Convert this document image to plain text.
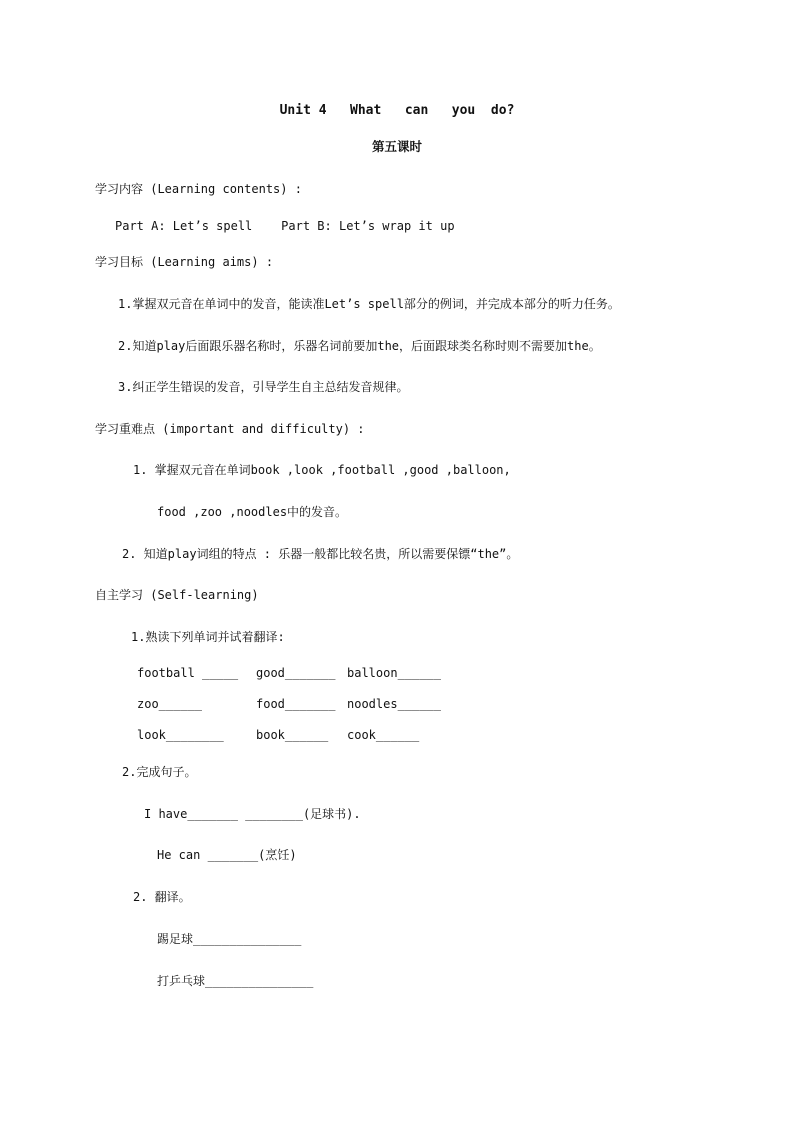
Unit 4   What   can   you  do?
第五课时
学习内容 (Learning contents) :
Part A: Let’s spell    Part B: Let’s wrap it up
学习目标 (Learning aims) :
1.掌握双元音在单词中的发音，能读准Let’s spell部分的例词，并完成本部分的听力任务。
2.知道play后面跟乐器名称时，乐器名词前要加the，后面跟球类名称时则不需要加the。
3.纠正学生错误的发音，引导学生自主总结发音规律。
学习重难点 (important and difficulty) :
1. 掌握双元音在单词book ,look ,football ,good ,balloon,
food ,zoo ,noodles中的发音。
2. 知道play词组的特点 : 乐器一般都比较名贵，所以需要保镖“the”。
自主学习 (Self-learning)
1.熟读下列单词并试着翻译:
football _____ good_______ balloon______
zoo______	food_______ noodles______
look________	book______ cook______
2.完成句子。
I have_______ ________(足球书).
He can _______(烹饪)
2. 翻译。
踢足球_______________
打乒乓球_______________
